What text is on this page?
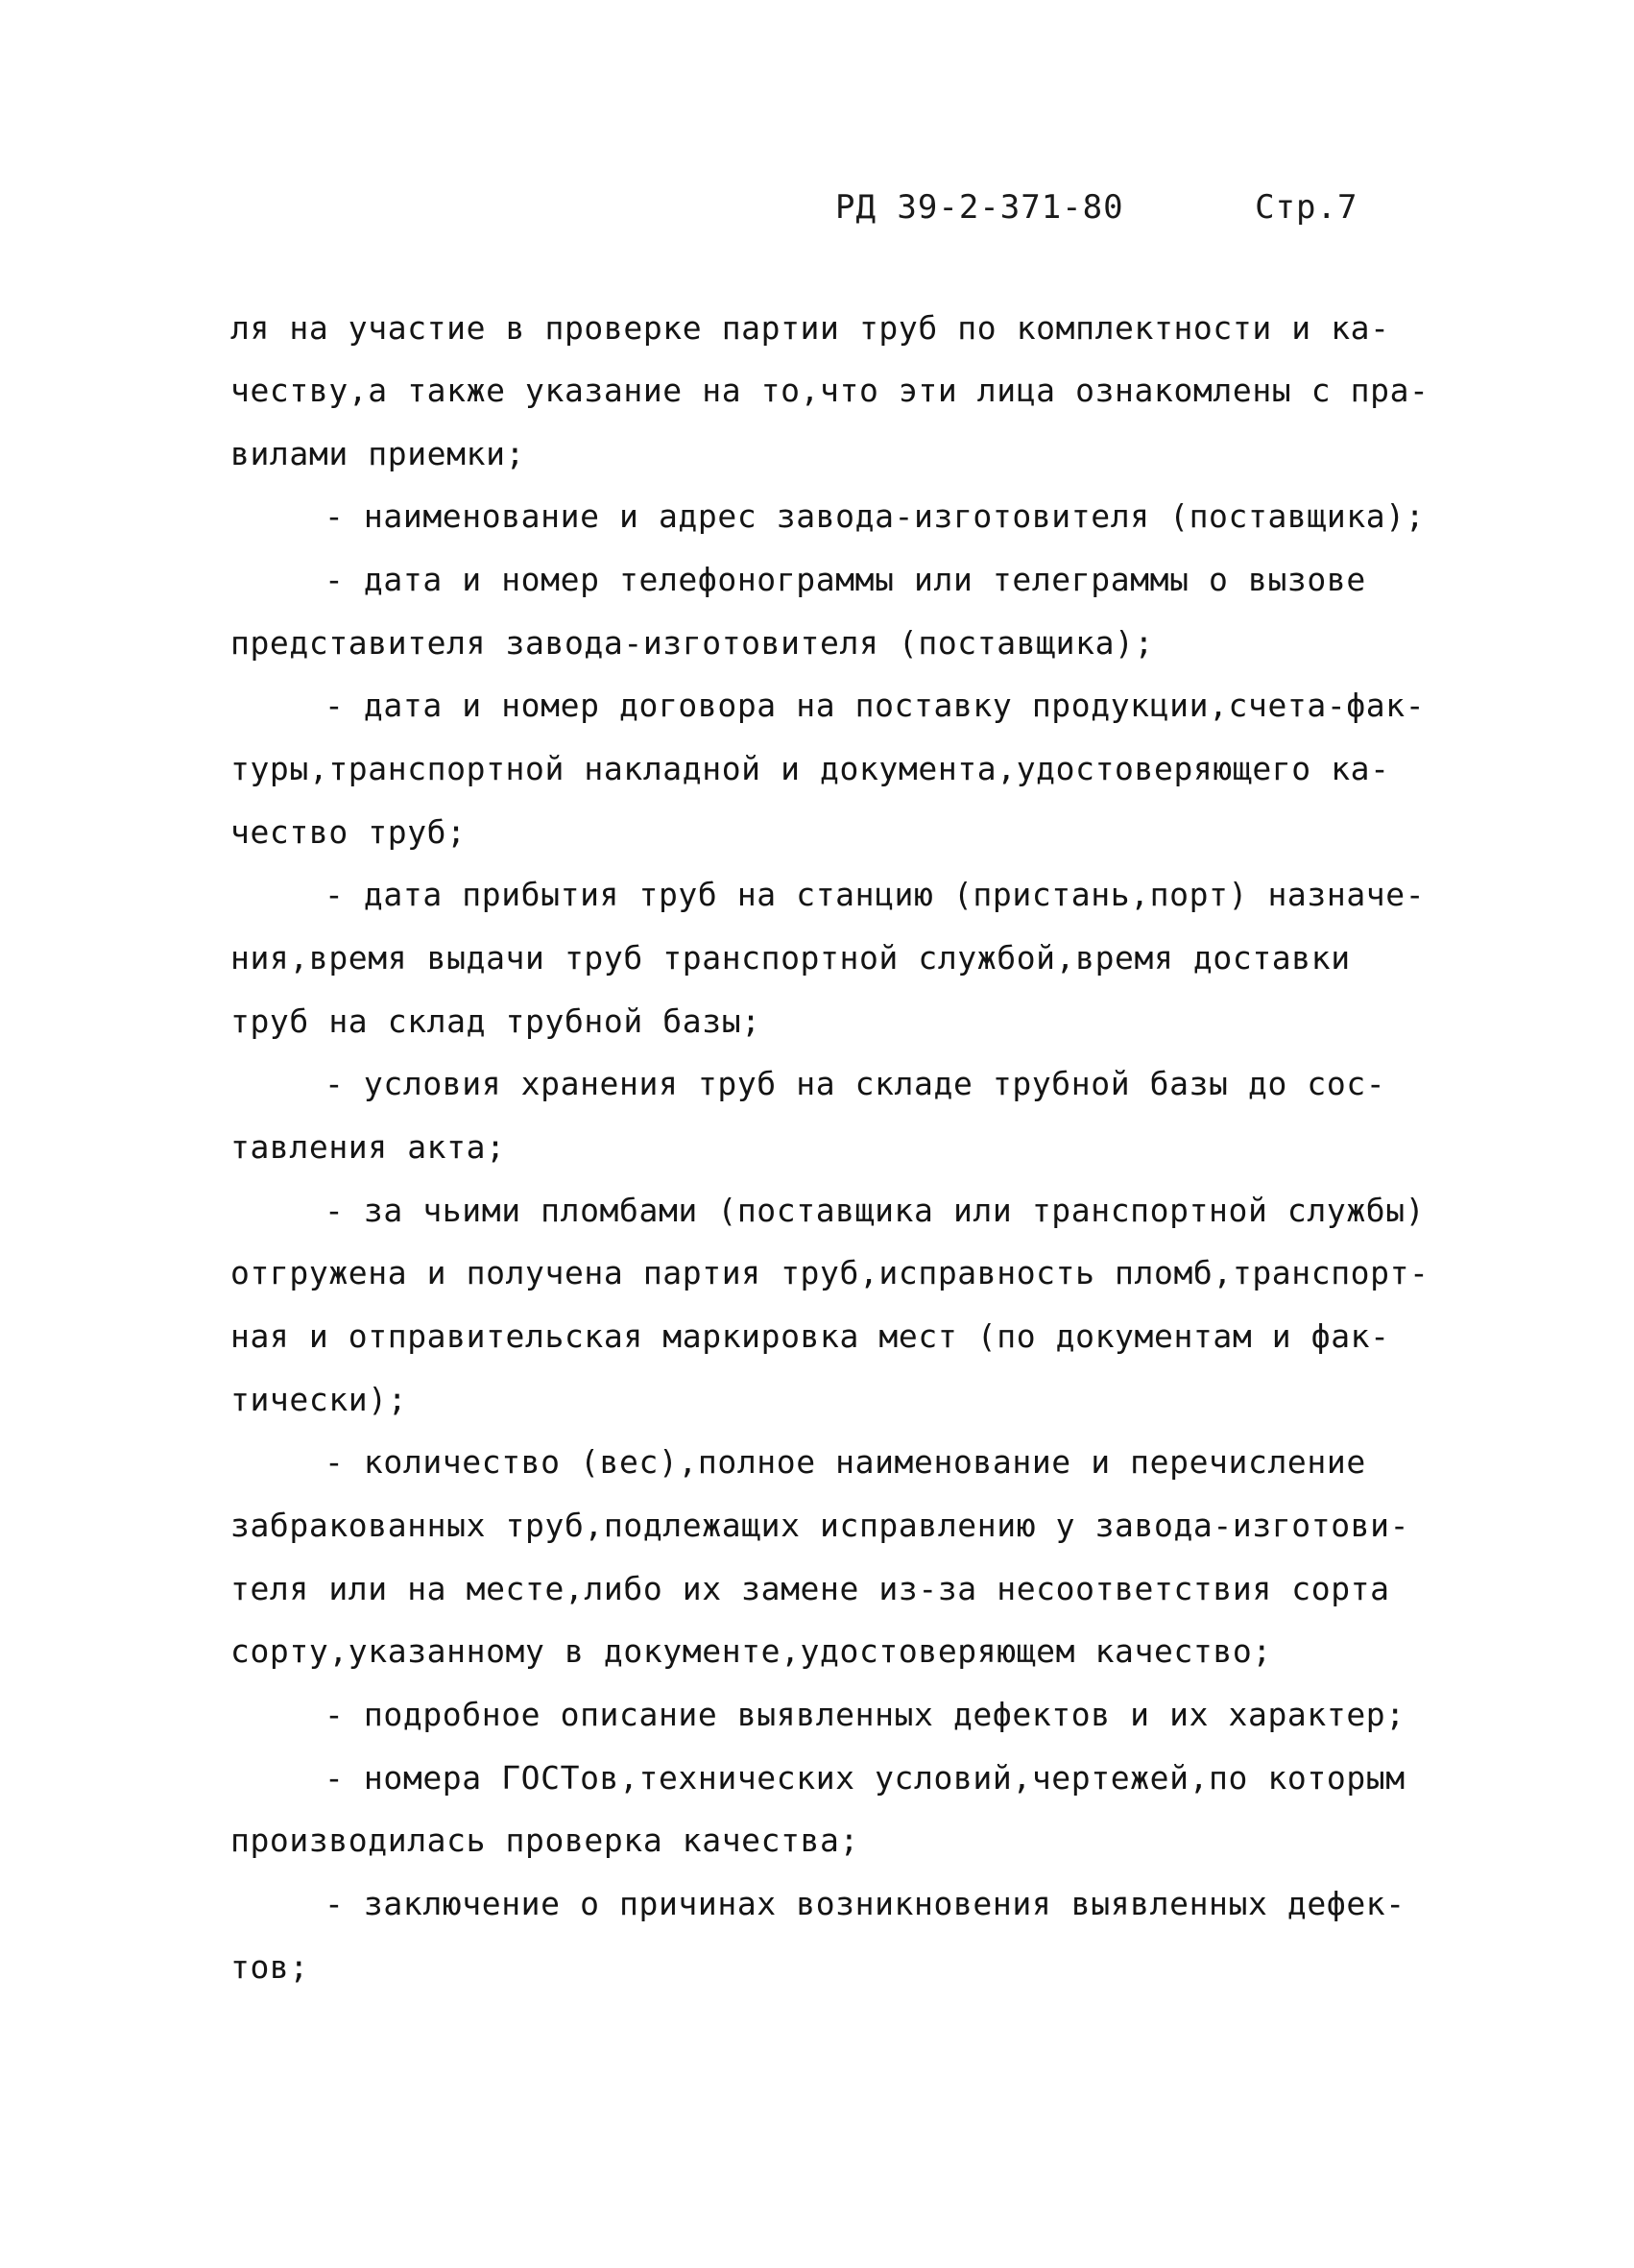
РД 39-2-371-80	Стр.7
ля на участие в проверке партии труб по комплектности и ка-
честву,а также указание на то,что эти лица ознакомлены с пра-
вилами приемки;
- наименование и адрес завода-изготовителя (поставщика);
- дата и номер телефонограммы или телеграммы о вызове
представителя завода-изготовителя (поставщика);
- дата и номер договора на поставку продукции,счета-фак-
туры,транспортной накладной и документа,удостоверяющего ка-
чество труб;
- дата прибытия труб на станцию (пристань,порт) назначе-
ния,время выдачи труб транспортной службой,время доставки
труб на склад трубной базы;
- условия хранения труб на складе трубной базы до сос-
тавления акта;
- за чьими пломбами (поставщика или транспортной службы)
отгружена и получена партия труб,исправность пломб,транспорт-
ная и отправительская маркировка мест (по документам и фак-
тически);
- количество (вес),полное наименование и перечисление
забракованных труб,подлежащих исправлению у завода-изготови-
теля или на месте,либо их замене из-за несоответствия сорта
сорту,указанному в документе,удостоверяющем качество;
- подробное описание выявленных дефектов и их характер;
- номера ГОСТов,технических условий,чертежей,по которым
производилась проверка качества;
- заключение о причинах возникновения выявленных дефек-
тов;
